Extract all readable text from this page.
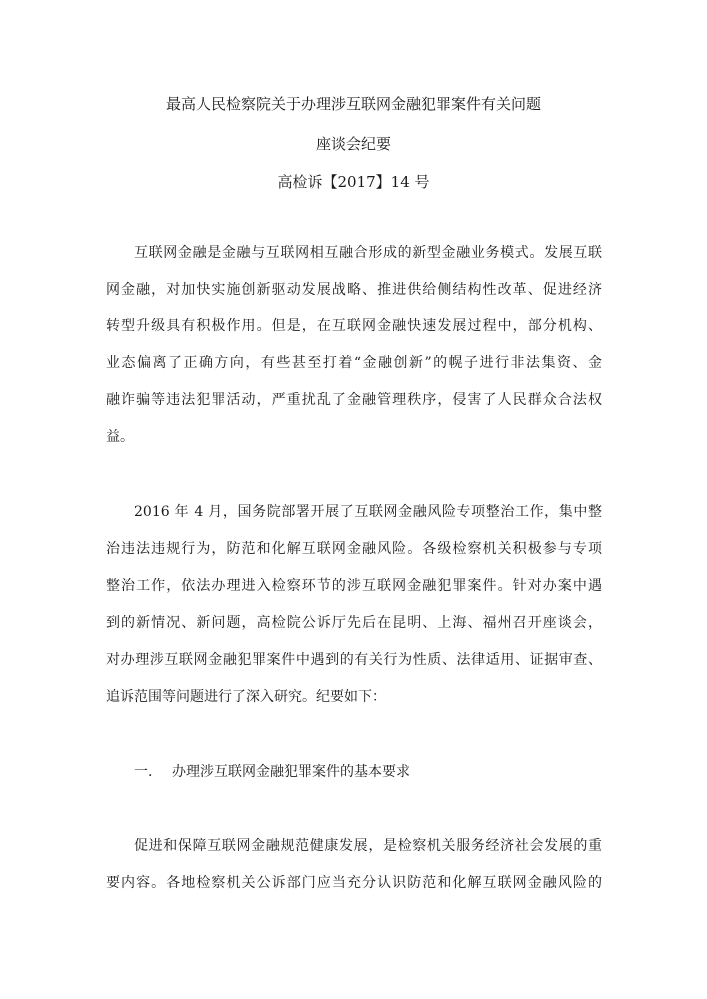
最高人民检察院关于办理涉互联网金融犯罪案件有关问题
座谈会纪要

高检诉【2017】14 号

互联网金融是金融与互联网相互融合形成的新型金融业务模式。发展互联

网金融，对加快实施创新驱动发展战略、推进供给侧结构性改革、促进经济

转型升级具有积极作用。但是，在互联网金融快速发展过程中，部分机构、

业态偏离了正确方向，有些甚至打着“金融创新”的幌子进行非法集资、金

融诈骗等违法犯罪活动，严重扰乱了金融管理秩序，侵害了人民群众合法权

益。

2016 年 4 月，国务院部署开展了互联网金融风险专项整治工作，集中整

治违法违规行为，防范和化解互联网金融风险。各级检察机关积极参与专项

整治工作，依法办理进入检察环节的涉互联网金融犯罪案件。针对办案中遇

到的新情况、新问题，高检院公诉厅先后在昆明、上海、福州召开座谈会，

对办理涉互联网金融犯罪案件中遇到的有关行为性质、法律适用、证据审查、

追诉范围等问题进行了深入研究。纪要如下：

一. 办理涉互联网金融犯罪案件的基本要求

促进和保障互联网金融规范健康发展，是检察机关服务经济社会发展的重

要内容。各地检察机关公诉部门应当充分认识防范和化解互联网金融风险的
